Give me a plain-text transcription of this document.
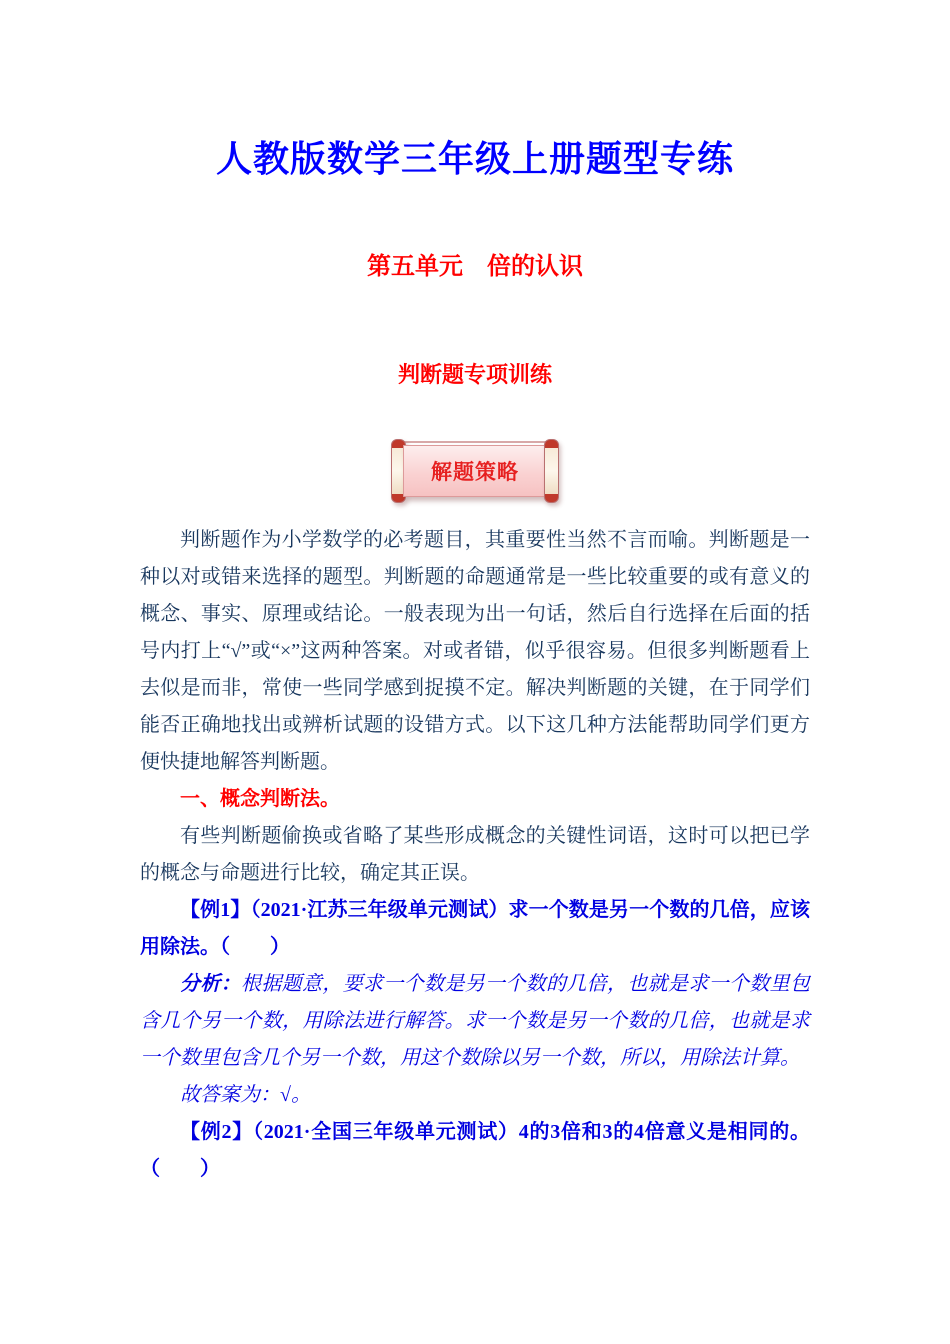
人教版数学三年级上册题型专练
第五单元　倍的认识
判断题专项训练
解题策略

判断题作为小学数学的必考题目，其重要性当然不言而喻。判断题是一种以对或错来选择的题型。判断题的命题通常是一些比较重要的或有意义的概念、事实、原理或结论。一般表现为出一句话，然后自行选择在后面的括号内打上“√”或“×”这两种答案。对或者错，似乎很容易。但很多判断题看上去似是而非，常使一些同学感到捉摸不定。解决判断题的关键，在于同学们能否正确地找出或辨析试题的设错方式。以下这几种方法能帮助同学们更方便快捷地解答判断题。

一、概念判断法。

有些判断题偷换或省略了某些形成概念的关键性词语，这时可以把已学的概念与命题进行比较，确定其正误。

【例1】（2021·江苏三年级单元测试）求一个数是另一个数的几倍，应该用除法。（　　）

分析：根据题意，要求一个数是另一个数的几倍，也就是求一个数里包含几个另一个数，用除法进行解答。求一个数是另一个数的几倍，也就是求一个数里包含几个另一个数，用这个数除以另一个数，所以，用除法计算。

故答案为：√。

【例2】（2021·全国三年级单元测试）4的3倍和3的4倍意义是相同的。（　　）
